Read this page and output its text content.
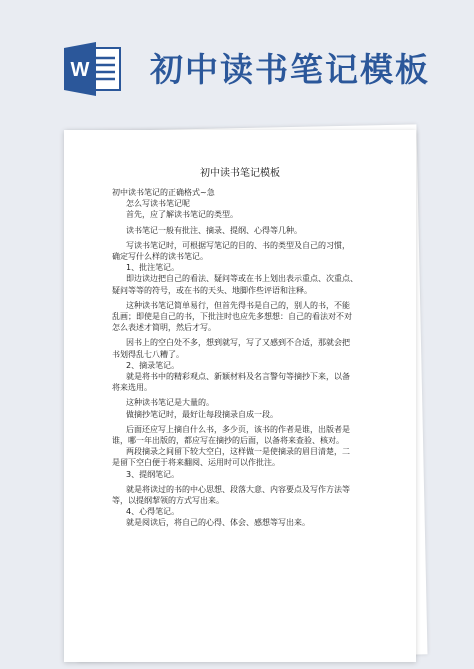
W 初中读书笔记模板
初中读书笔记模板
初中读书笔记的正确格式~急
怎么写读书笔记呢
首先，应了解读书笔记的类型。
读书笔记一般有批注、摘录、提纲、心得等几种。
写读书笔记时，可根据写笔记的目的、书的类型及自己的习惯，
确定写什么样的读书笔记。
1、批注笔记。
即边读边把自己的看法、疑问等或在书上划出表示重点、次重点、
疑问等等的符号，或在书的天头、地脚作些评语和注释。
这种读书笔记简单易行，但首先得书是自己的，别人的书，不能
乱画；即使是自己的书，下批注时也应先多想想：自己的看法对不对
怎么表述才简明，然后才写。
因书上的空白处不多，想到就写，写了又感到不合适，那就会把
书划得乱七八糟了。
2、摘录笔记。
就是将书中的精彩观点、新颖材料及名言警句等摘抄下来，以备
将来选用。
这种读书笔记是大量的。
做摘抄笔记时，最好让每段摘录自成一段。
后面还应写上摘自什么书，多少页，该书的作者是谁，出版者是
谁，哪一年出版的，都应写在摘抄的后面，以备将来查验、核对。
两段摘录之间留下较大空白，这样做一是使摘录的眉目清楚，二
是留下空白便于将来翻阅、运用时可以作批注。
3、提纲笔记。
就是将读过的书的中心思想、段落大意、内容要点及写作方法等
等，以提纲挈领的方式写出来。
4、心得笔记。
就是阅读后，将自己的心得、体会、感想等写出来。
